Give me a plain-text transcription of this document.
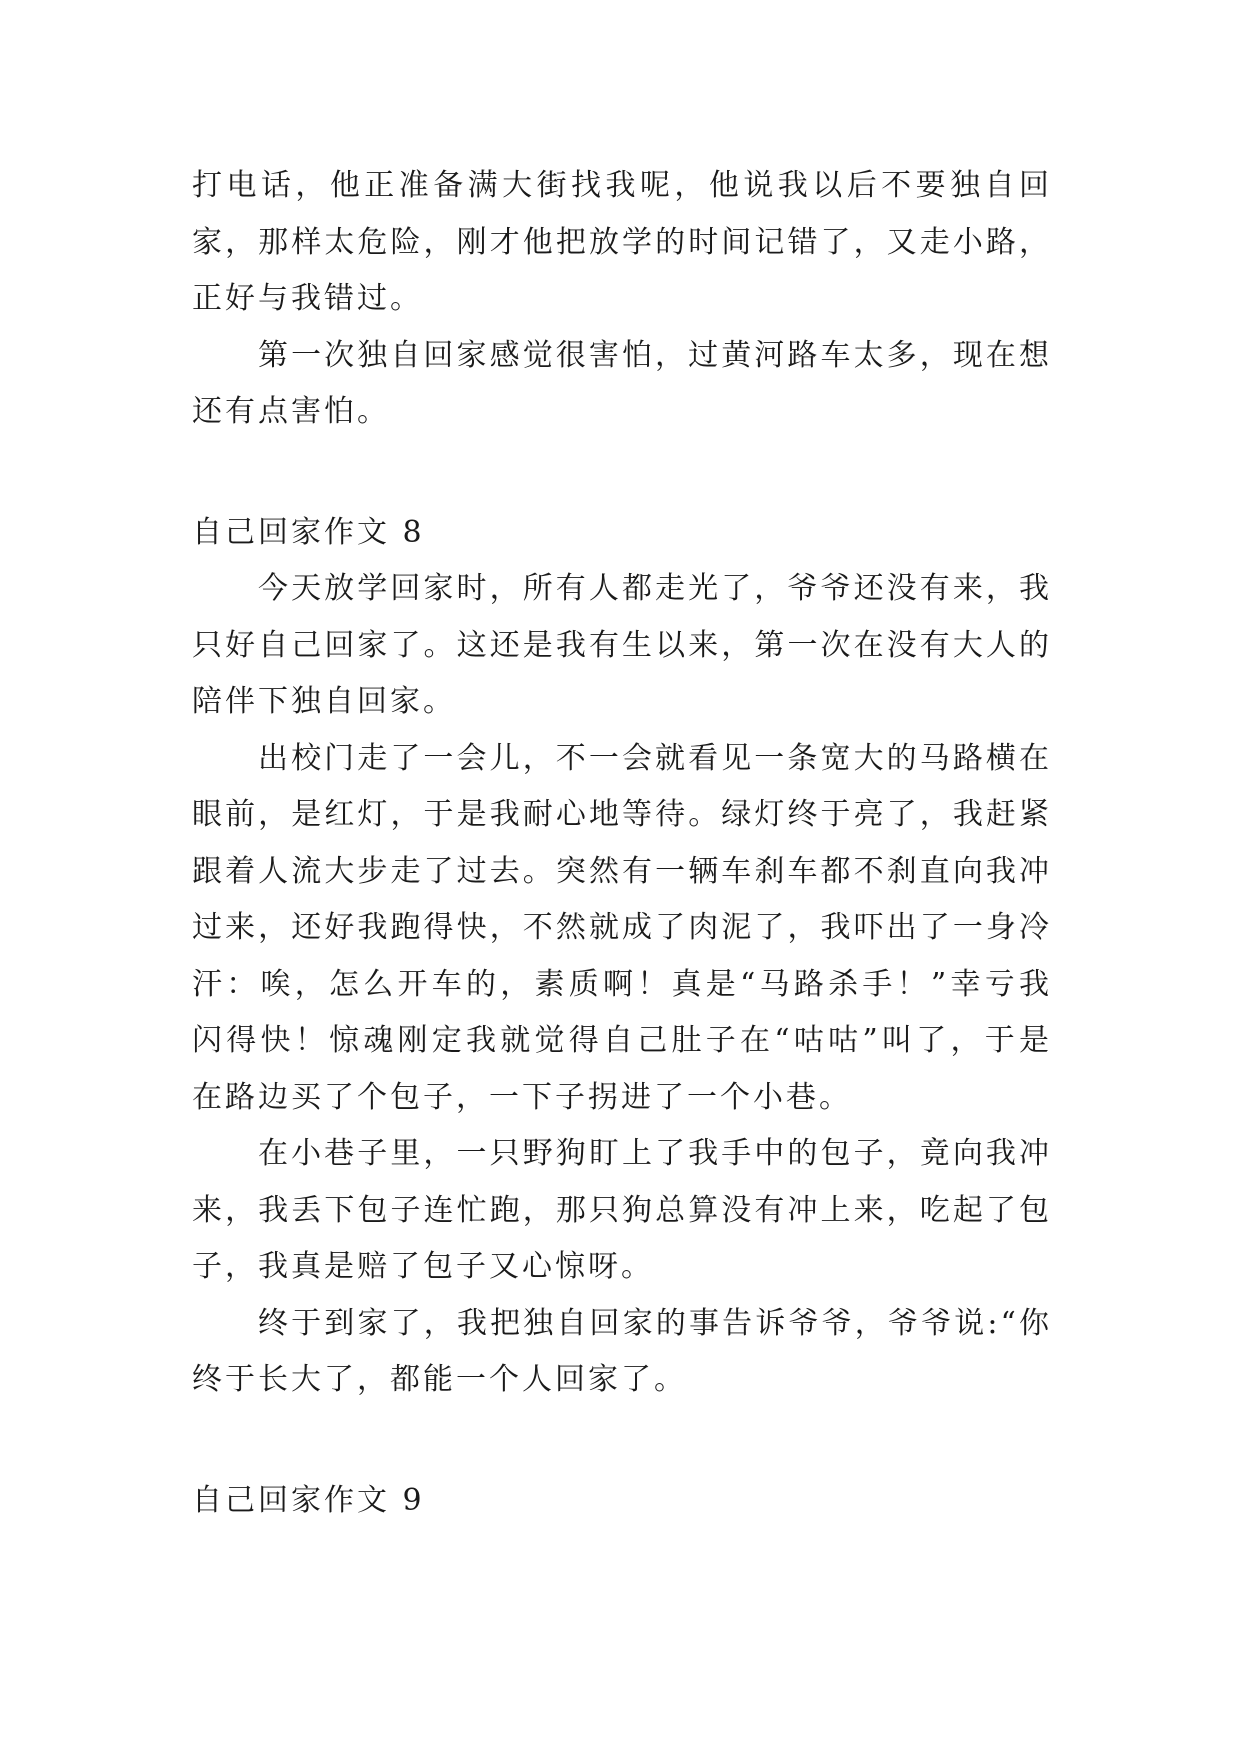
打电话，他正准备满大街找我呢，他说我以后不要独自回家，那样太危险，刚才他把放学的时间记错了，又走小路，正好与我错过。

第一次独自回家感觉很害怕，过黄河路车太多，现在想还有点害怕。

自己回家作文 8

今天放学回家时，所有人都走光了，爷爷还没有来，我只好自己回家了。这还是我有生以来，第一次在没有大人的陪伴下独自回家。

出校门走了一会儿，不一会就看见一条宽大的马路横在眼前，是红灯，于是我耐心地等待。绿灯终于亮了，我赶紧跟着人流大步走了过去。突然有一辆车刹车都不刹直向我冲过来，还好我跑得快，不然就成了肉泥了，我吓出了一身冷汗：唉，怎么开车的，素质啊！真是“马路杀手！”幸亏我闪得快！惊魂刚定我就觉得自己肚子在“咕咕”叫了，于是在路边买了个包子，一下子拐进了一个小巷。

在小巷子里，一只野狗盯上了我手中的包子，竟向我冲来，我丢下包子连忙跑，那只狗总算没有冲上来，吃起了包子，我真是赔了包子又心惊呀。

终于到家了，我把独自回家的事告诉爷爷，爷爷说:“你终于长大了，都能一个人回家了。

自己回家作文 9
